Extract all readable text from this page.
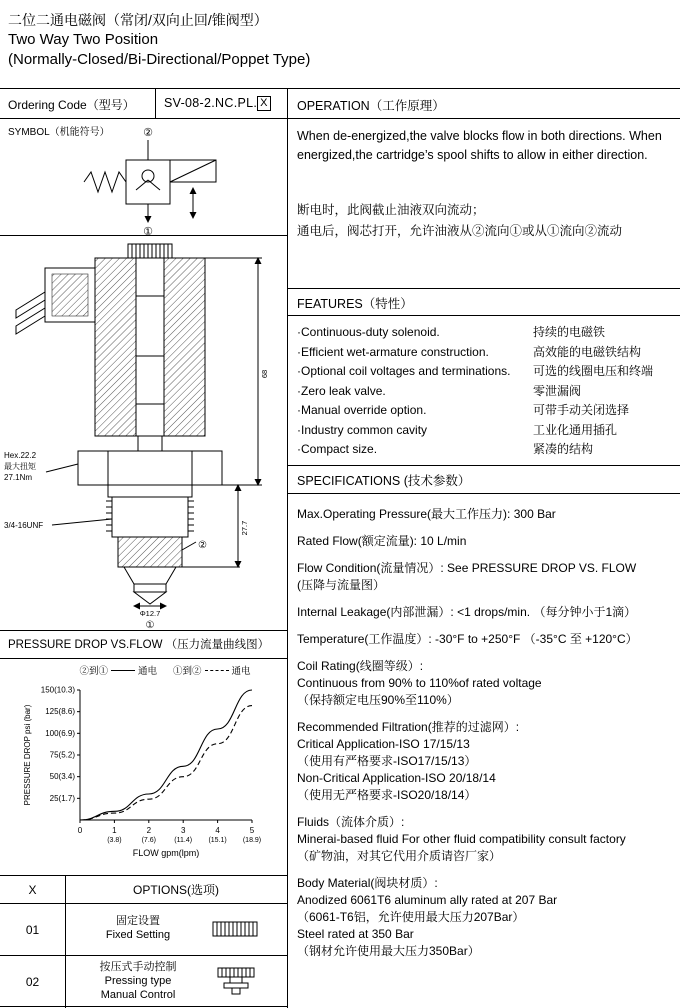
二位二通电磁阀（常闭/双向止回/锥阀型）
Two Way Two Position
(Normally-Closed/Bi-Directional/Poppet Type)
Ordering Code（型号） SV-08-2.NC.PL. X
SYMBOL（机能符号）	②
①
Hex.22.2
最大扭矩
27.1Nm
3/4-16UNF
②
Φ12.7
①
27.7
68
PRESSURE DROP VS.FLOW （压力流量曲线图）
②到①	通电 ①到②	通电
25(1.7)
50(3.4)
75(5.2)
100(6.9)
125(8.6)
150(10.3)
0	1
(3.8)
2
(7.6)
3
(11.4)
4
(15.1)
5
(18.9)
FLOW gpm(lpm)
PRESSURE DROP psi (bar)
X	OPTIONS(选项)
01
固定设置
Fixed Setting
02
按压式手动控制
Pressing type
Manual Control
OPERATION（工作原理）
When de-energized,the valve blocks flow in both directions. When energized,the cartridge’s spool shifts to allow in either direction.
断电时，此阀截止油液双向流动；
通电后，阀芯打开，允许油液从②流向①或从①流向②流动
FEATURES（特性）
·Continuous-duty solenoid.	持续的电磁铁
·Efficient wet-armature construction.	高效能的电磁铁结构
·Optional coil voltages and terminations.	可选的线圈电压和终端
·Zero leak valve.	零泄漏阀
·Manual override option.	可带手动关闭选择
·Industry common cavity	工业化通用插孔
·Compact size.	紧凑的结构
SPECIFICATIONS (技术参数）
Max.Operating Pressure(最大工作压力): 300 Bar
Rated Flow(额定流量): 10 L/min
Flow Condition(流量情况）: See PRESSURE DROP VS. FLOW
(压降与流量图）
Internal Leakage(内部泄漏）: <1 drops/min. （每分钟小于1滴）
Temperature(工作温度）: -30°F to +250°F （-35°C 至 +120°C）
Coil Rating(线圈等级）:
Continuous from 90% to 110%of rated voltage
（保持额定电压90%至110%）
Recommended Filtration(推荐的过滤网）:
Critical Application-ISO 17/15/13
（使用有严格要求-ISO17/15/13）
Non-Critical Application-ISO 20/18/14
（使用无严格要求-ISO20/18/14）
Fluids（流体介质）:
Minerai-based fluid For other fluid compatibility consult factory
（矿物油，对其它代用介质请咨厂家）
Body Material(阀块材质）:
Anodized 6061T6 aluminum ally rated at 207 Bar
（6061-T6铝，允许使用最大压力207Bar）
Steel rated at 350 Bar
（钢材允许使用最大压力350Bar）
